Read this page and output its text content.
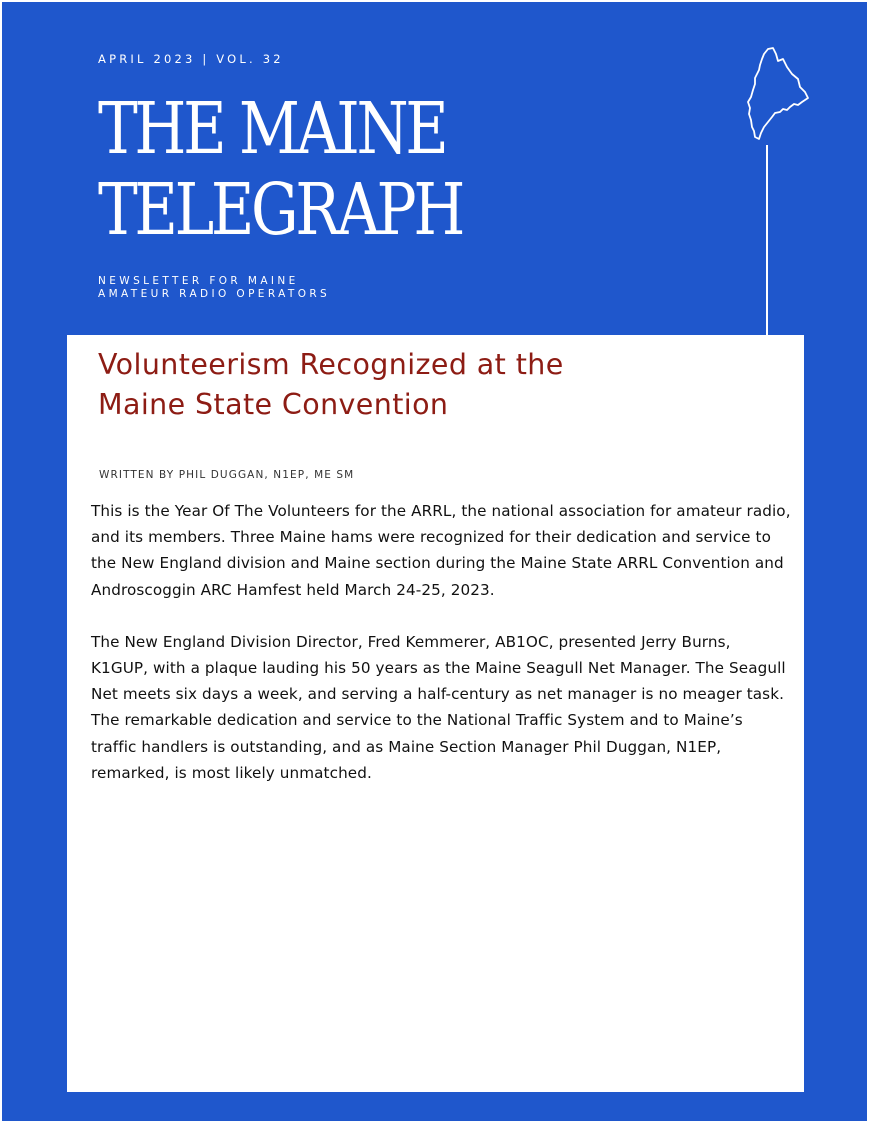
APRIL 2023 | VOL. 32
THE MAINE
TELEGRAPH
NEWSLETTER FOR MAINE
AMATEUR RADIO OPERATORS
Volunteerism Recognized at the
Maine State Convention
WRITTEN BY PHIL DUGGAN, N1EP, ME SM

This is the Year Of The Volunteers for the ARRL, the national association for amateur radio, and its members. Three Maine hams were recognized for their dedication and service to the New England division and Maine section during the Maine State ARRL Convention and Androscoggin ARC Hamfest held March 24-25, 2023.

The New England Division Director, Fred Kemmerer, AB1OC, presented Jerry Burns, K1GUP, with a plaque lauding his 50 years as the Maine Seagull Net Manager. The Seagull Net meets six days a week, and serving a half-century as net manager is no meager task. The remarkable dedication and service to the National Traffic System and to Maine’s traffic handlers is outstanding, and as Maine Section Manager Phil Duggan, N1EP, remarked, is most likely unmatched.
